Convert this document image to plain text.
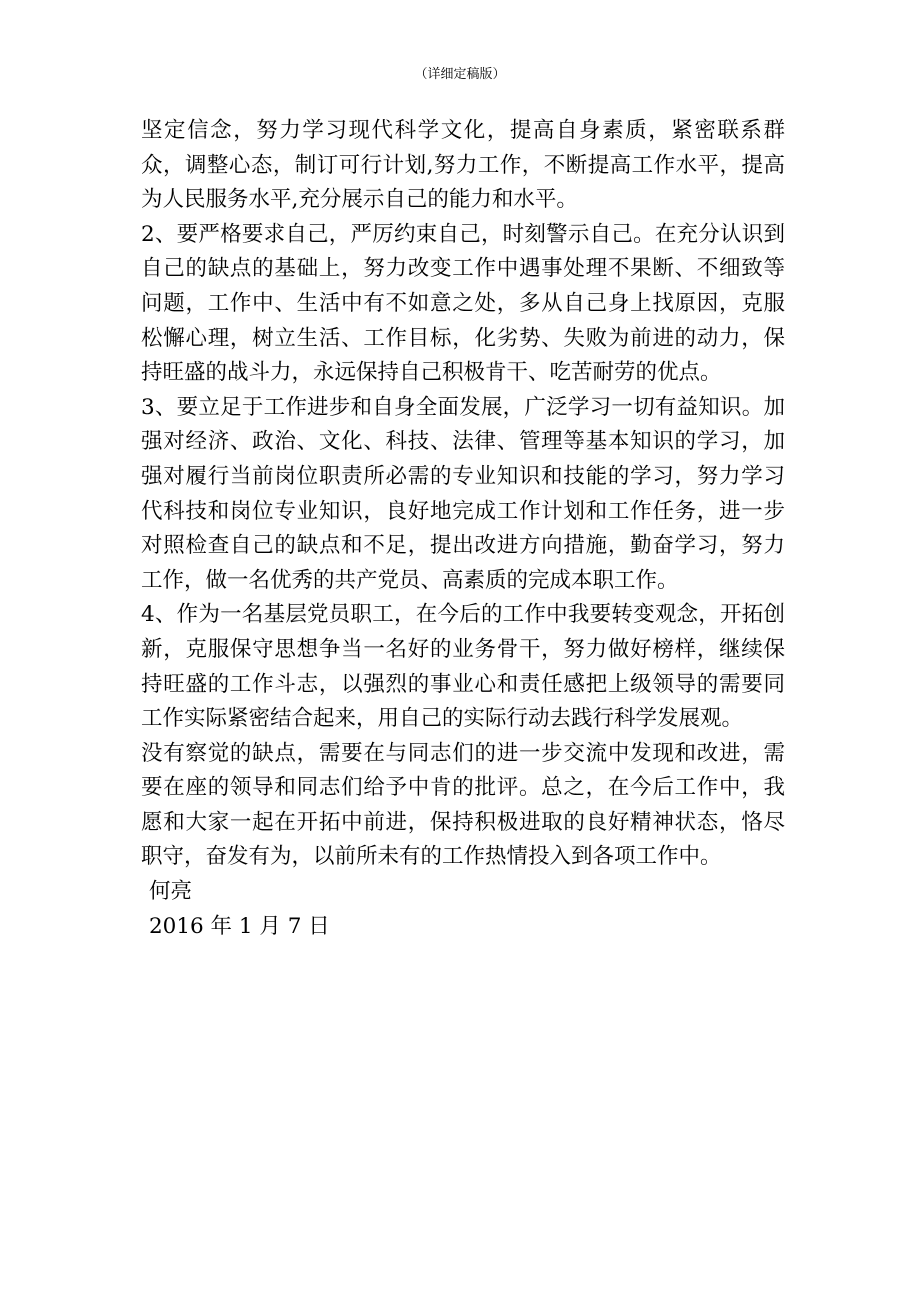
（详细定稿版）

坚定信念，努力学习现代科学文化，提高自身素质，紧密联系群众，调整心态，制订可行计划,努力工作，不断提高工作水平，提高为人民服务水平,充分展示自己的能力和水平。

2、要严格要求自己，严厉约束自己，时刻警示自己。在充分认识到自己的缺点的基础上，努力改变工作中遇事处理不果断、不细致等问题，工作中、生活中有不如意之处，多从自己身上找原因，克服松懈心理，树立生活、工作目标，化劣势、失败为前进的动力，保持旺盛的战斗力，永远保持自己积极肯干、吃苦耐劳的优点。

3、要立足于工作进步和自身全面发展，广泛学习一切有益知识。加强对经济、政治、文化、科技、法律、管理等基本知识的学习，加强对履行当前岗位职责所必需的专业知识和技能的学习，努力学习代科技和岗位专业知识，良好地完成工作计划和工作任务，进一步对照检查自己的缺点和不足，提出改进方向措施，勤奋学习，努力工作，做一名优秀的共产党员、高素质的完成本职工作。

4、作为一名基层党员职工，在今后的工作中我要转变观念，开拓创新，克服保守思想争当一名好的业务骨干，努力做好榜样，继续保持旺盛的工作斗志，以强烈的事业心和责任感把上级领导的需要同工作实际紧密结合起来，用自己的实际行动去践行科学发展观。

没有察觉的缺点，需要在与同志们的进一步交流中发现和改进，需要在座的领导和同志们给予中肯的批评。总之，在今后工作中，我愿和大家一起在开拓中前进，保持积极进取的良好精神状态，恪尽职守，奋发有为，以前所未有的工作热情投入到各项工作中。

何亮

2016 年 1 月 7 日
